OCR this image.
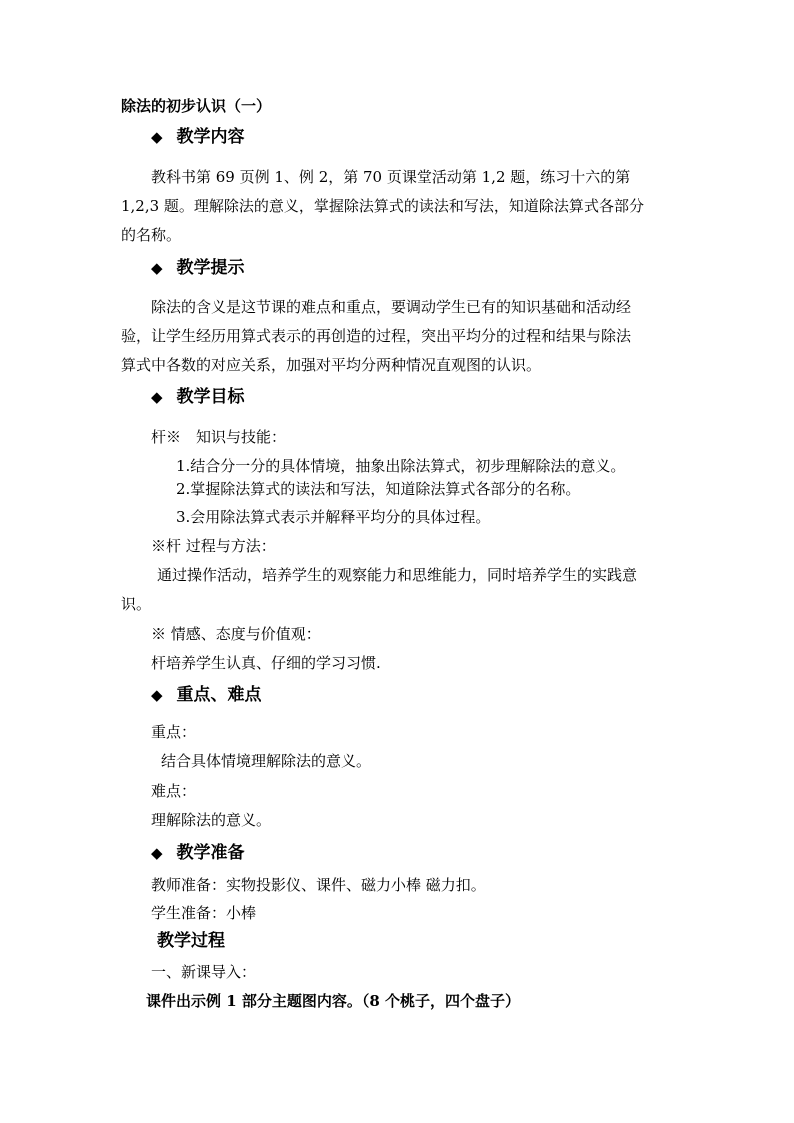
除法的初步认识（一）
◆ 教学内容
教科书第 69 页例 1、例 2，第 70 页课堂活动第 1,2 题，练习十六的第
1,2,3 题。理解除法的意义，掌握除法算式的读法和写法，知道除法算式各部分
的名称。
◆ 教学提示
除法的含义是这节课的难点和重点，要调动学生已有的知识基础和活动经
验，让学生经历用算式表示的再创造的过程，突出平均分的过程和结果与除法
算式中各数的对应关系，加强对平均分两种情况直观图的认识。
◆ 教学目标
杆※　知识与技能：
1.结合分一分的具体情境，抽象出除法算式，初步理解除法的意义。
2.掌握除法算式的读法和写法，知道除法算式各部分的名称。
3.会用除法算式表示并解释平均分的具体过程。
※杆 过程与方法：
通过操作活动，培养学生的观察能力和思维能力，同时培养学生的实践意
识。
※ 情感、态度与价值观：
杆培养学生认真、仔细的学习习惯.
◆ 重点、难点
重点：
结合具体情境理解除法的意义。
难点：
理解除法的意义。
◆ 教学准备
教师准备：实物投影仪、课件、磁力小棒 磁力扣。
学生准备：小棒
教学过程
一、新课导入：
课件出示例 1 部分主题图内容。（8 个桃子，四个盘子）
